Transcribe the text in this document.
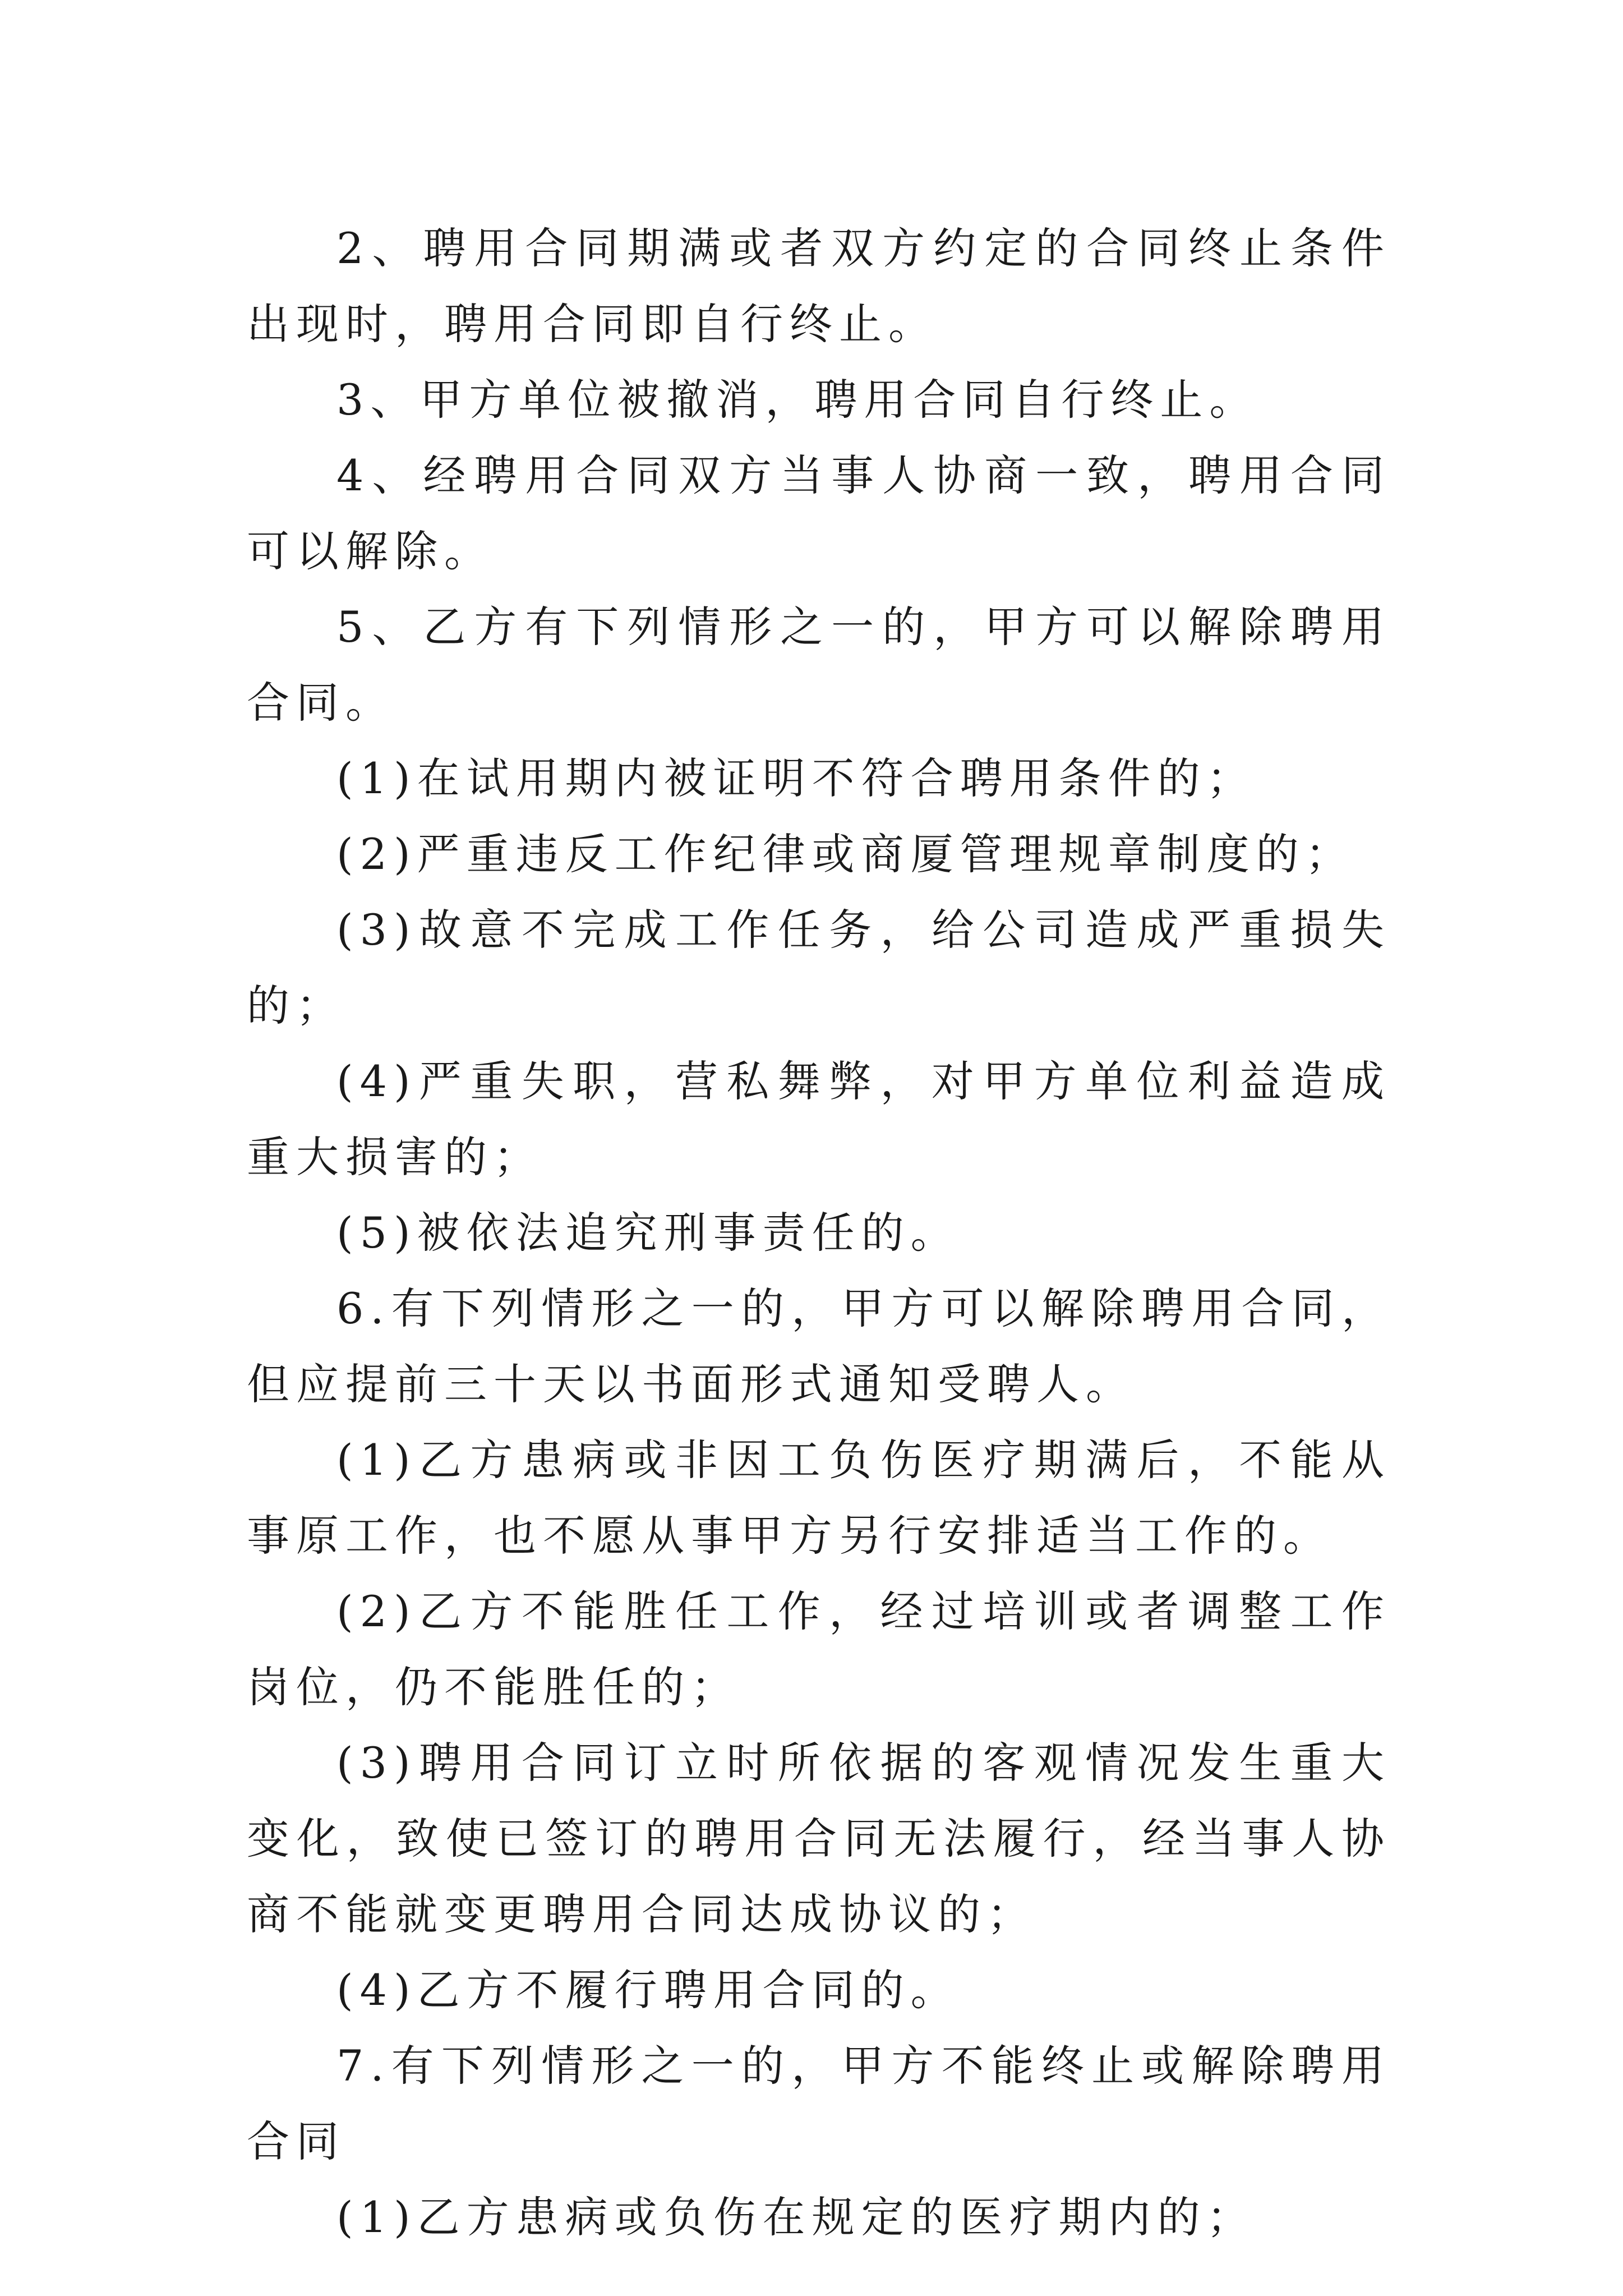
2、聘用合同期满或者双方约定的合同终止条件出现时，聘用合同即自行终止。

3、甲方单位被撤消，聘用合同自行终止。

4、经聘用合同双方当事人协商一致，聘用合同可以解除。

5、乙方有下列情形之一的，甲方可以解除聘用合同。

(1)在试用期内被证明不符合聘用条件的；

(2)严重违反工作纪律或商厦管理规章制度的；

(3)故意不完成工作任务，给公司造成严重损失的；

(4)严重失职，营私舞弊，对甲方单位利益造成重大损害的；

(5)被依法追究刑事责任的。

6.有下列情形之一的，甲方可以解除聘用合同，但应提前三十天以书面形式通知受聘人。

(1)乙方患病或非因工负伤医疗期满后，不能从事原工作，也不愿从事甲方另行安排适当工作的。

(2)乙方不能胜任工作，经过培训或者调整工作岗位，仍不能胜任的；

(3)聘用合同订立时所依据的客观情况发生重大变化，致使已签订的聘用合同无法履行，经当事人协商不能就变更聘用合同达成协议的；

(4)乙方不履行聘用合同的。

7.有下列情形之一的，甲方不能终止或解除聘用合同

(1)乙方患病或负伤在规定的医疗期内的；
